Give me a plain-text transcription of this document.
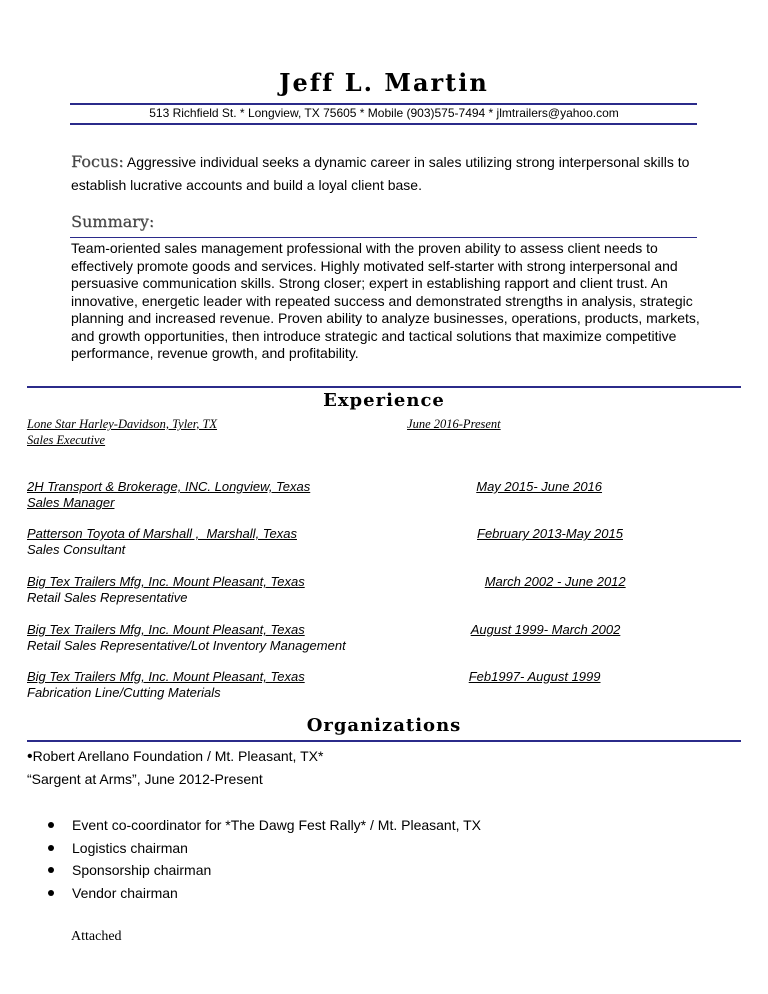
Jeff L. Martin
513 Richfield St. * Longview, TX 75605 * Mobile (903)575-7494 * jlmtrailers@yahoo.com
Focus: Aggressive individual seeks a dynamic career in sales utilizing strong interpersonal skills to establish lucrative accounts and build a loyal client base.
Summary:
Team-oriented sales management professional with the proven ability to assess client needs to effectively promote goods and services. Highly motivated self-starter with strong interpersonal and persuasive communication skills. Strong closer; expert in establishing rapport and client trust. An innovative, energetic leader with repeated success and demonstrated strengths in analysis, strategic planning and increased revenue. Proven ability to analyze businesses, operations, products, markets, and growth opportunities, then introduce strategic and tactical solutions that maximize competitive performance, revenue growth, and profitability.
Experience
Lone Star Harley-Davidson, Tyler, TX	June 2016-Present
Sales Executive
2H Transport & Brokerage, INC. Longview, Texas	May 2015- June 2016
Sales Manager
Patterson Toyota of Marshall ,  Marshall, Texas	February 2013-May 2015
Sales Consultant
Big Tex Trailers Mfg, Inc. Mount Pleasant, Texas	March 2002 - June 2012
Retail Sales Representative
Big Tex Trailers Mfg, Inc. Mount Pleasant, Texas	August 1999- March 2002
Retail Sales Representative/Lot Inventory Management
Big Tex Trailers Mfg, Inc. Mount Pleasant, Texas	Feb1997- August 1999
Fabrication Line/Cutting Materials
Organizations
•Robert Arellano Foundation / Mt. Pleasant, TX*
“Sargent at Arms”, June 2012-Present
Event co-coordinator for *The Dawg Fest Rally* / Mt. Pleasant, TX
Logistics chairman
Sponsorship chairman
Vendor chairman
Attached
